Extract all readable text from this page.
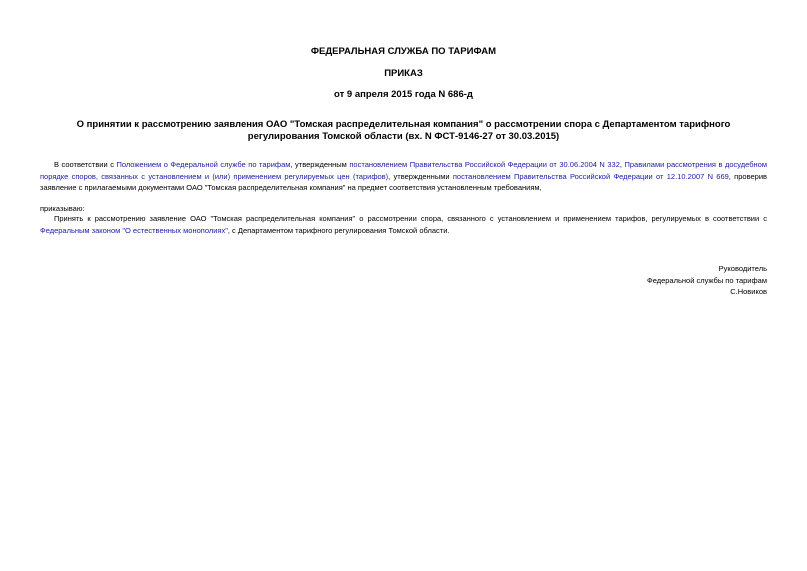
ФЕДЕРАЛЬНАЯ СЛУЖБА ПО ТАРИФАМ
ПРИКАЗ
от 9 апреля 2015 года N 686-д
О принятии к рассмотрению заявления ОАО "Томская распределительная компания" о рассмотрении спора с Департаментом тарифного регулирования Томской области (вх. N ФСТ-9146-27 от 30.03.2015)
В соответствии с Положением о Федеральной службе по тарифам, утвержденным постановлением Правительства Российской Федерации от 30.06.2004 N 332, Правилами рассмотрения в досудебном порядке споров, связанных с установлением и (или) применением регулируемых цен (тарифов), утвержденными постановлением Правительства Российской Федерации от 12.10.2007 N 669, проверив заявление с прилагаемыми документами ОАО "Томская распределительная компания" на предмет соответствия установленным требованиям,
приказываю:
Принять к рассмотрению заявление ОАО "Томская распределительная компания" о рассмотрении спора, связанного с установлением и применением тарифов, регулируемых в соответствии с Федеральным законом "О естественных монополиях", с Департаментом тарифного регулирования Томской области.
Руководитель
Федеральной службы по тарифам
С.Новиков
